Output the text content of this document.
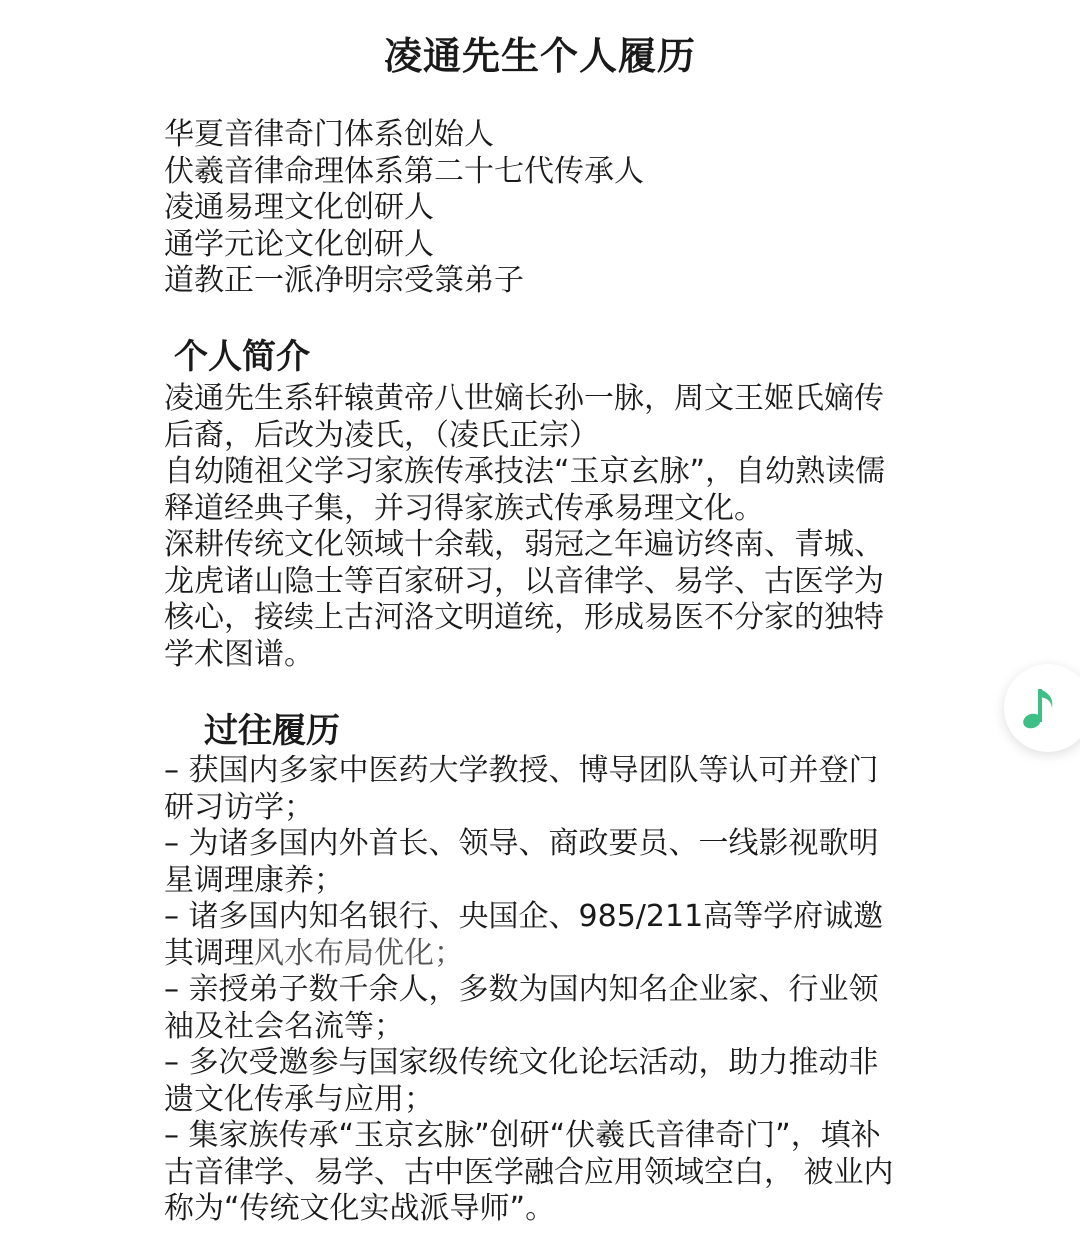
凌通先生个人履历

华夏音律奇门体系创始人

伏羲音律命理体系第二十七代传承人

凌通易理文化创研人

通学元论文化创研人

道教正一派净明宗受箓弟子

个人简介

凌通先生系轩辕黄帝八世嫡长孙一脉，周文王姬氏嫡传

后裔，后改为凌氏，（凌氏正宗）

自幼随祖父学习家族传承技法“玉京玄脉”，自幼熟读儒

释道经典子集，并习得家族式传承易理文化。

深耕传统文化领域十余载，弱冠之年遍访终南、青城、

龙虎诸山隐士等百家研习，以音律学、易学、古医学为

核心，接续上古河洛文明道统，形成易医不分家的独特

学术图谱。

过往履历

– 获国内多家中医药大学教授、博导团队等认可并登门

研习访学；

– 为诸多国内外首长、领导、商政要员、一线影视歌明

星调理康养；

– 诸多国内知名银行、央国企、985/211高等学府诚邀

其调理风水布局优化；

– 亲授弟子数千余人，多数为国内知名企业家、行业领

袖及社会名流等；

– 多次受邀参与国家级传统文化论坛活动，助力推动非

遗文化传承与应用；

– 集家族传承“玉京玄脉”创研“伏羲氏音律奇门”，填补

古音律学、易学、古中医学融合应用领域空白， 被业内

称为“传统文化实战派导师”。
